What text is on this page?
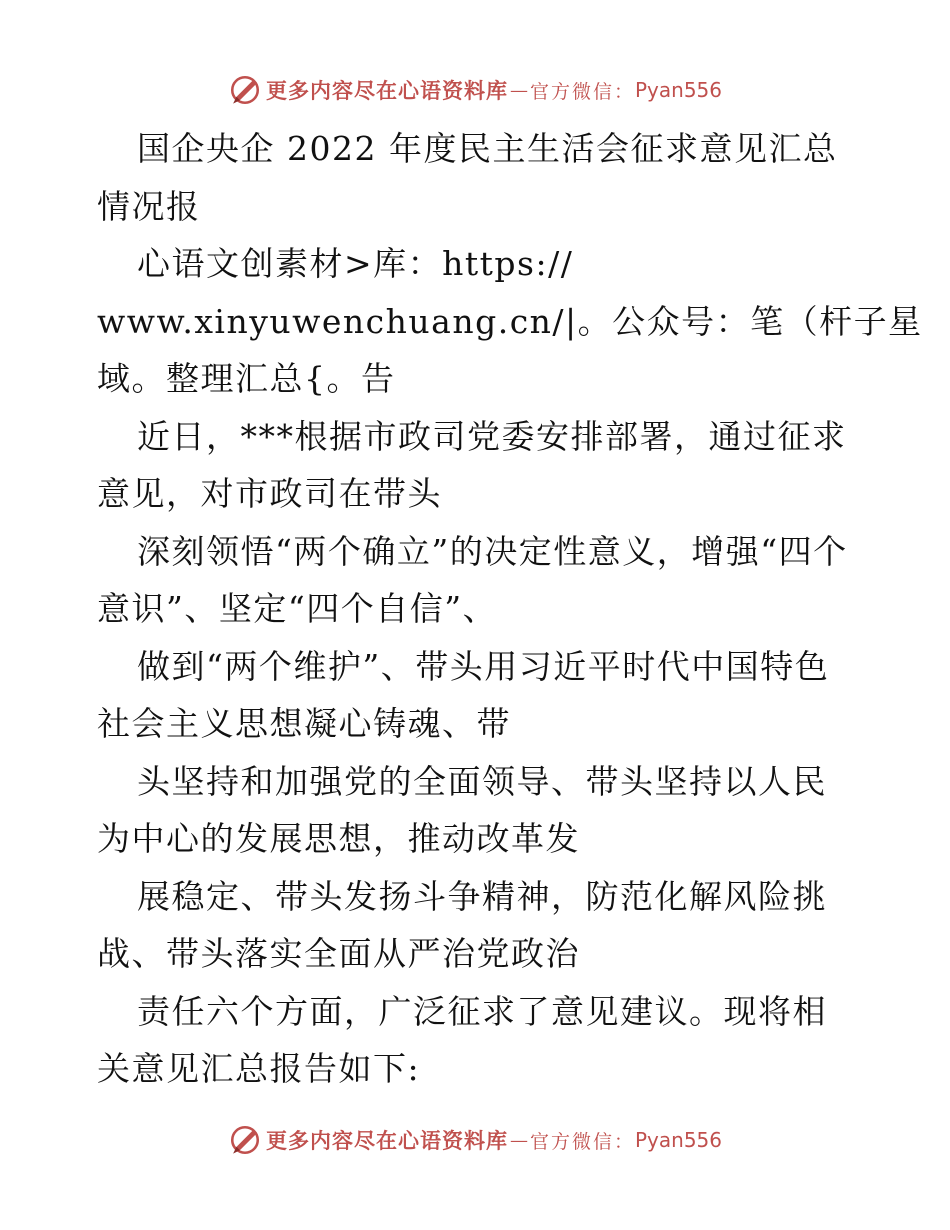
更多内容尽在心语资料库 — 官方微信： Pyan556

国企央企 2022 年度民主生活会征求意见汇总情况报

心语文创素材>库：https://

www.xinyuwenchuang.cn/|。公众号：笔（杆子星

域。整理汇总{。告

近日，***根据市政司党委安排部署，通过征求意见，对市政司在带头

深刻领悟“两个确立”的决定性意义，增强“四个意识”、坚定“四个自信”、

做到“两个维护”、带头用习近平时代中国特色社会主义思想凝心铸魂、带

头坚持和加强党的全面领导、带头坚持以人民为中心的发展思想，推动改革发

展稳定、带头发扬斗争精神，防范化解风险挑战、带头落实全面从严治党政治

责任六个方面，广泛征求了意见建议。现将相关意见汇总报告如下:

更多内容尽在心语资料库 — 官方微信： Pyan556
